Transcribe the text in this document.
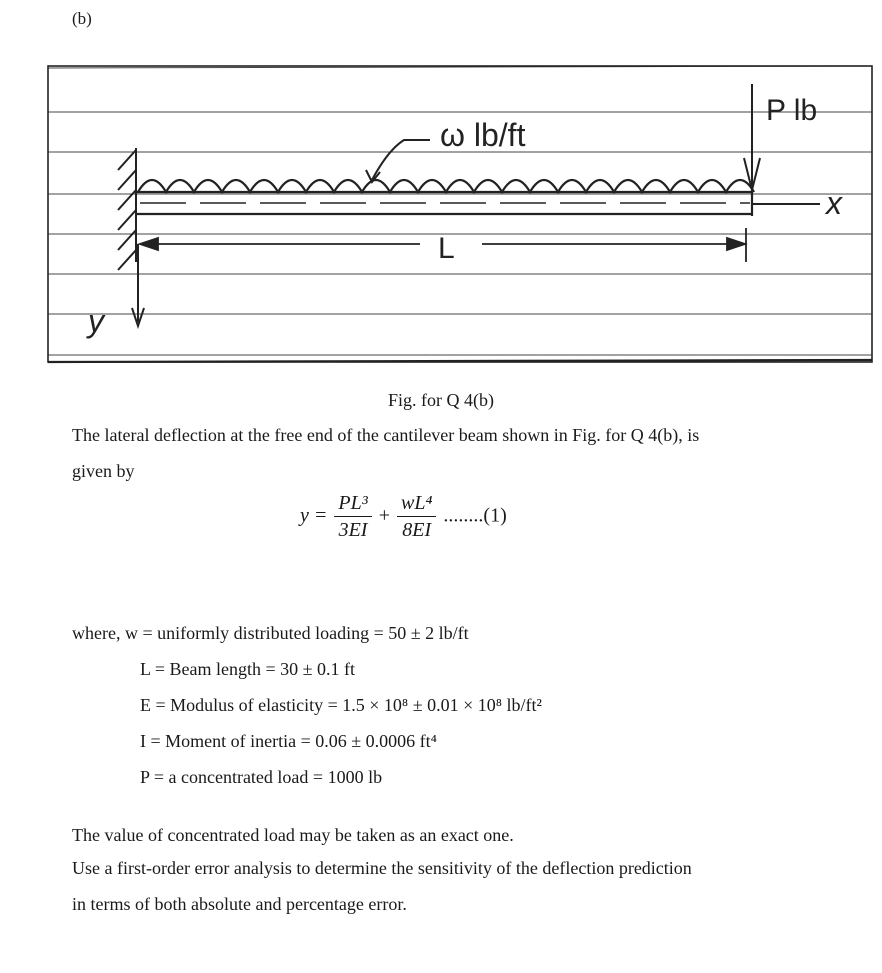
(b)
ω lb/ft
P lb
x
L
y
Fig. for Q 4(b)
The lateral deflection at the free end of the cantilever beam shown in Fig. for Q 4(b), is
given by
$y = \frac{\text{PL³}}{3EI} + \frac{\text{wL⁴}}{8EI} ........(1)$
where, w = uniformly distributed loading = 50 ± 2 lb/ft
L = Beam length = 30 ± 0.1 ft
E = Modulus of elasticity = 1.5 × 10⁸ ± 0.01 × 10⁸ lb/ft²
I = Moment of inertia = 0.06 ± 0.0006 ft⁴
P = a concentrated load = 1000 lb
The value of concentrated load may be taken as an exact one.
Use a first-order error analysis to determine the sensitivity of the deflection prediction
in terms of both absolute and percentage error.
